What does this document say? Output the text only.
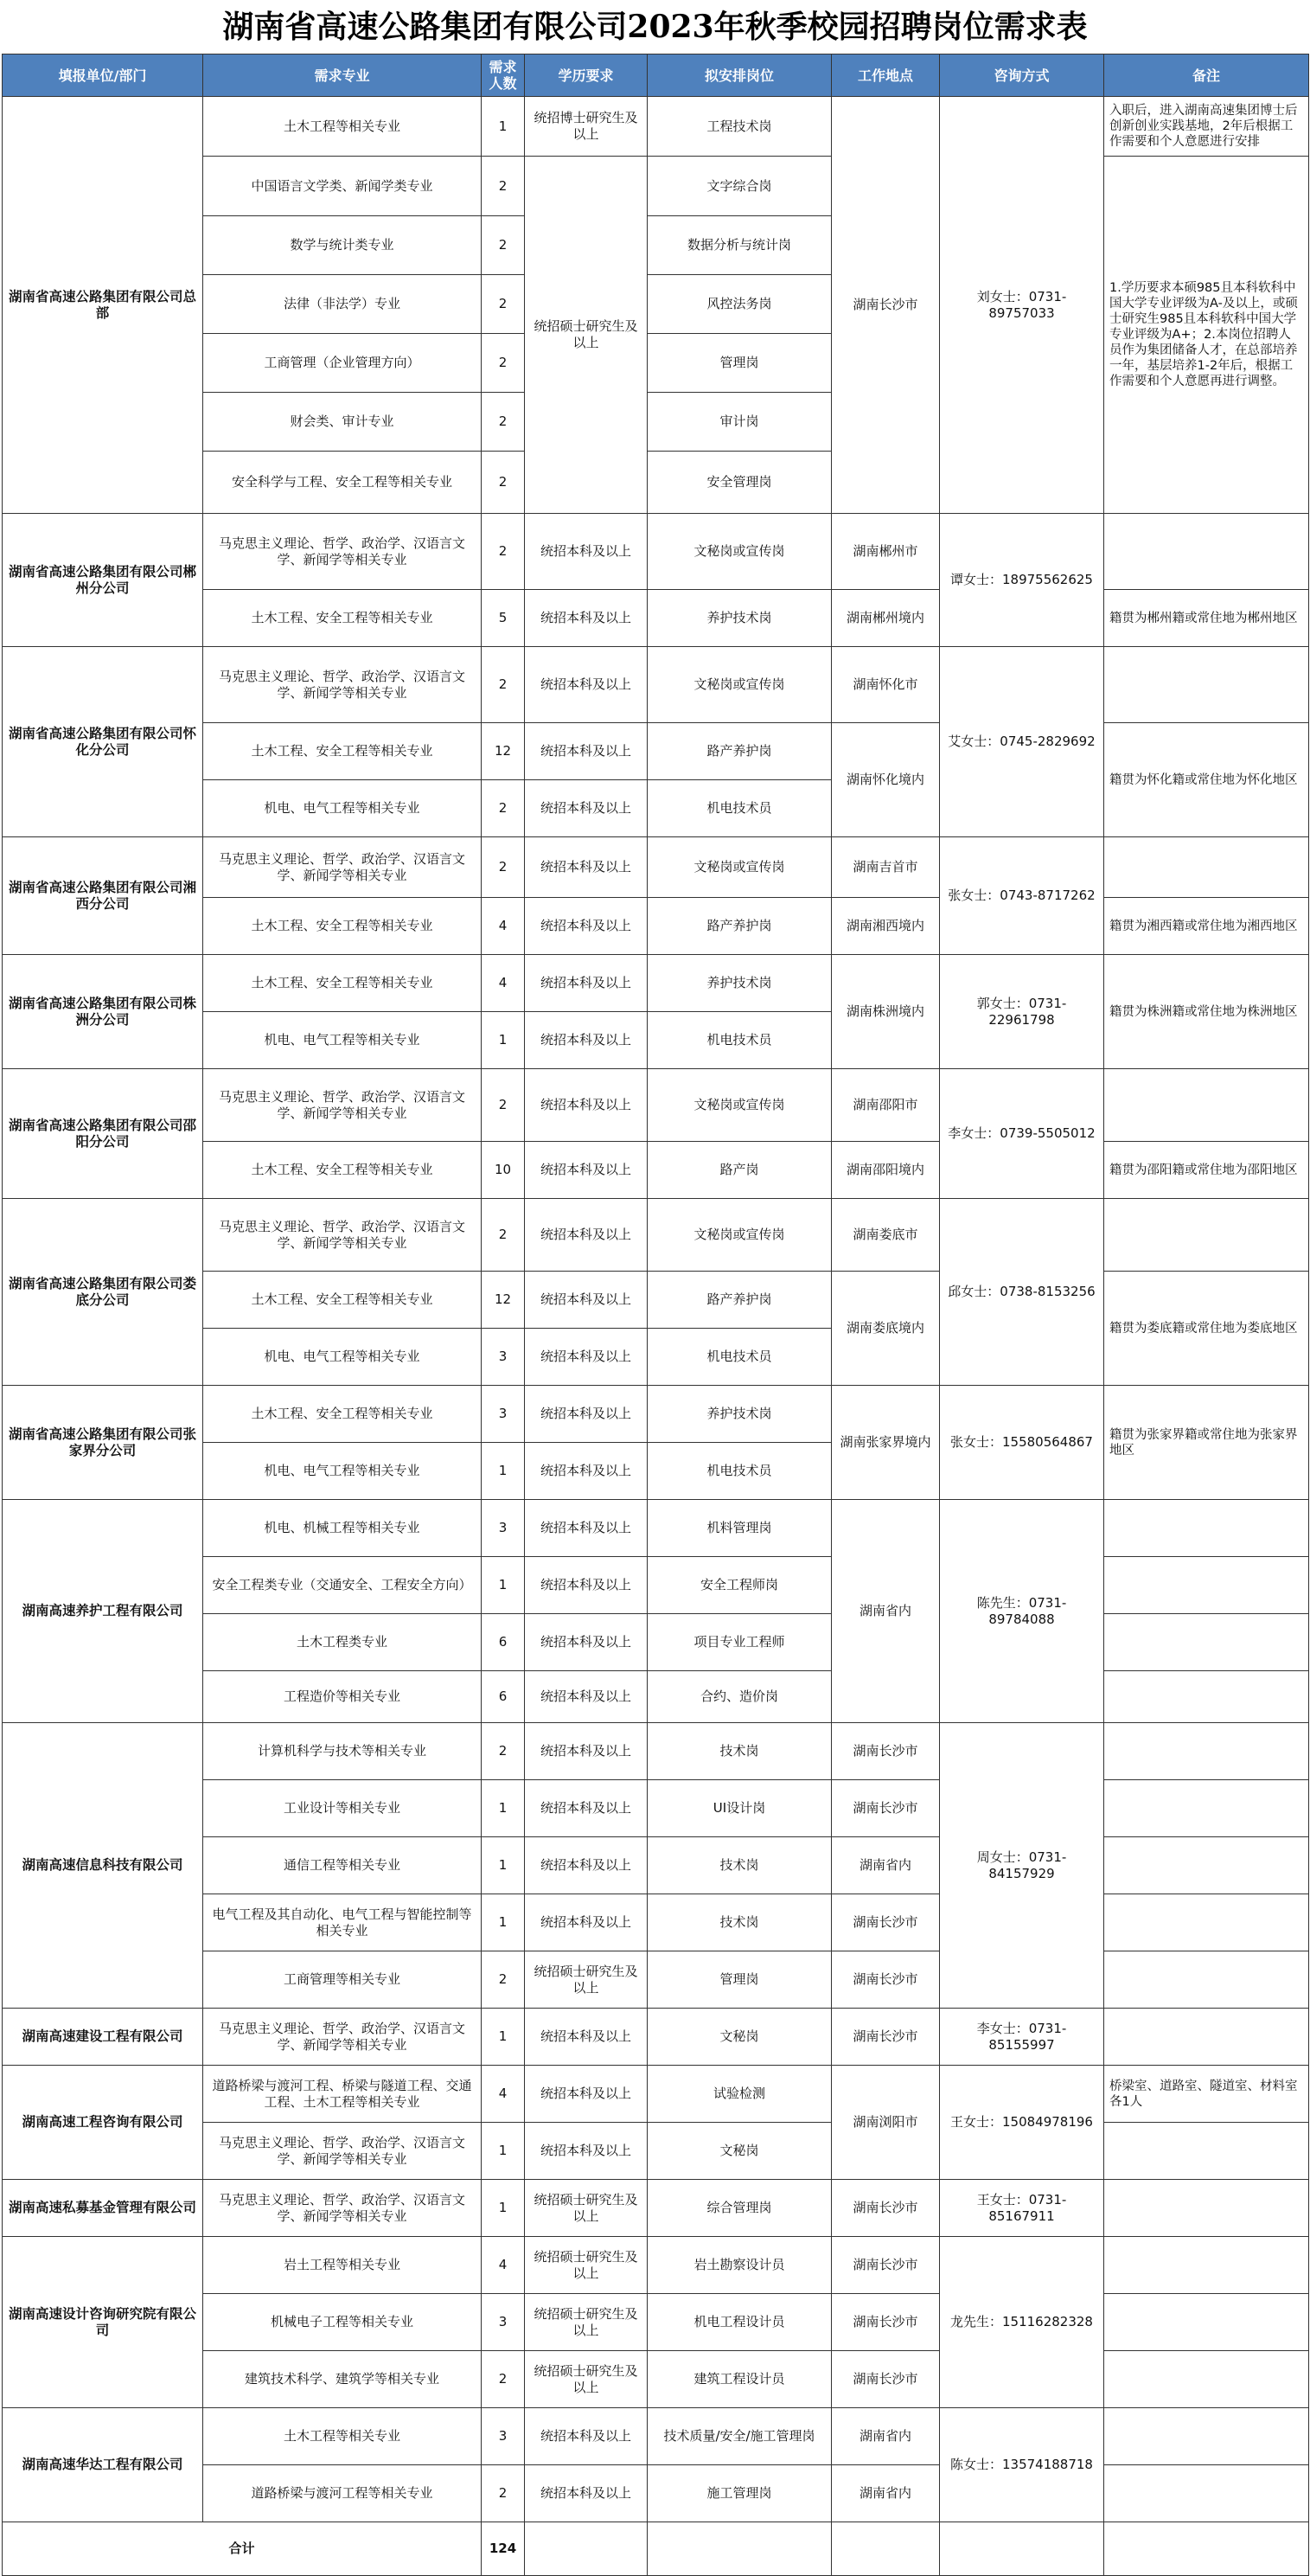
湖南省高速公路集团有限公司2023年秋季校园招聘岗位需求表
填报单位/部门	需求专业	需求人数	学历要求	拟安排岗位	工作地点	咨询方式	备注
湖南省高速公路集团有限公司总部	土木工程等相关专业	1	统招博士研究生及以上	工程技术岗	湖南长沙市	刘女士：0731-89757033	入职后，进入湖南高速集团博士后创新创业实践基地，2年后根据工作需要和个人意愿进行安排
	中国语言文学类、新闻学类专业	2	统招硕士研究生及以上	文字综合岗			1.学历要求本硕985且本科软科中国大学专业评级为A-及以上，或硕士研究生985且本科软科中国大学专业评级为A+；2.本岗位招聘人员作为集团储备人才，在总部培养一年，基层培养1-2年后，根据工作需要和个人意愿再进行调整。
	数学与统计类专业	2		数据分析与统计岗			
	法律（非法学）专业	2		风控法务岗			
	工商管理（企业管理方向）	2		管理岗			
	财会类、审计专业	2		审计岗			
	安全科学与工程、安全工程等相关专业	2		安全管理岗			
湖南省高速公路集团有限公司郴州分公司	马克思主义理论、哲学、政治学、汉语言文学、新闻学等相关专业	2	统招本科及以上	文秘岗或宣传岗	湖南郴州市	谭女士：18975562625	
	土木工程、安全工程等相关专业	5	统招本科及以上	养护技术岗	湖南郴州境内		籍贯为郴州籍或常住地为郴州地区
湖南省高速公路集团有限公司怀化分公司	马克思主义理论、哲学、政治学、汉语言文学、新闻学等相关专业	2	统招本科及以上	文秘岗或宣传岗	湖南怀化市	艾女士：0745-2829692	
	土木工程、安全工程等相关专业	12	统招本科及以上	路产养护岗	湖南怀化境内		籍贯为怀化籍或常住地为怀化地区
	机电、电气工程等相关专业	2	统招本科及以上	机电技术员			
湖南省高速公路集团有限公司湘西分公司	马克思主义理论、哲学、政治学、汉语言文学、新闻学等相关专业	2	统招本科及以上	文秘岗或宣传岗	湖南吉首市	张女士：0743-8717262	
	土木工程、安全工程等相关专业	4	统招本科及以上	路产养护岗	湖南湘西境内		籍贯为湘西籍或常住地为湘西地区
湖南省高速公路集团有限公司株洲分公司	土木工程、安全工程等相关专业	4	统招本科及以上	养护技术岗	湖南株洲境内	郭女士：0731-22961798	籍贯为株洲籍或常住地为株洲地区
	机电、电气工程等相关专业	1	统招本科及以上	机电技术员			
湖南省高速公路集团有限公司邵阳分公司	马克思主义理论、哲学、政治学、汉语言文学、新闻学等相关专业	2	统招本科及以上	文秘岗或宣传岗	湖南邵阳市	李女士：0739-5505012	
	土木工程、安全工程等相关专业	10	统招本科及以上	路产岗	湖南邵阳境内		籍贯为邵阳籍或常住地为邵阳地区
湖南省高速公路集团有限公司娄底分公司	马克思主义理论、哲学、政治学、汉语言文学、新闻学等相关专业	2	统招本科及以上	文秘岗或宣传岗	湖南娄底市	邱女士：0738-8153256	
	土木工程、安全工程等相关专业	12	统招本科及以上	路产养护岗	湖南娄底境内		籍贯为娄底籍或常住地为娄底地区
	机电、电气工程等相关专业	3	统招本科及以上	机电技术员			
湖南省高速公路集团有限公司张家界分公司	土木工程、安全工程等相关专业	3	统招本科及以上	养护技术岗	湖南张家界境内	张女士：15580564867	籍贯为张家界籍或常住地为张家界地区
	机电、电气工程等相关专业	1	统招本科及以上	机电技术员			
湖南高速养护工程有限公司	机电、机械工程等相关专业	3	统招本科及以上	机料管理岗	湖南省内	陈先生：0731-89784088	
	安全工程类专业（交通安全、工程安全方向）	1	统招本科及以上	安全工程师岗			
	土木工程类专业	6	统招本科及以上	项目专业工程师			
	工程造价等相关专业	6	统招本科及以上	合约、造价岗			
湖南高速信息科技有限公司	计算机科学与技术等相关专业	2	统招本科及以上	技术岗	湖南长沙市	周女士：0731-84157929	
	工业设计等相关专业	1	统招本科及以上	UI设计岗	湖南长沙市		
	通信工程等相关专业	1	统招本科及以上	技术岗	湖南省内		
	电气工程及其自动化、电气工程与智能控制等相关专业	1	统招本科及以上	技术岗	湖南长沙市		
	工商管理等相关专业	2	统招硕士研究生及以上	管理岗	湖南长沙市		
湖南高速建设工程有限公司	马克思主义理论、哲学、政治学、汉语言文学、新闻学等相关专业	1	统招本科及以上	文秘岗	湖南长沙市	李女士：0731-85155997	
湖南高速工程咨询有限公司	道路桥梁与渡河工程、桥梁与隧道工程、交通工程、土木工程等相关专业	4	统招本科及以上	试验检测	湖南浏阳市	王女士：15084978196	桥梁室、道路室、隧道室、材料室各1人
	马克思主义理论、哲学、政治学、汉语言文学、新闻学等相关专业	1	统招本科及以上	文秘岗			
湖南高速私募基金管理有限公司	马克思主义理论、哲学、政治学、汉语言文学、新闻学等相关专业	1	统招硕士研究生及以上	综合管理岗	湖南长沙市	王女士：0731-85167911	
湖南高速设计咨询研究院有限公司	岩土工程等相关专业	4	统招硕士研究生及以上	岩土勘察设计员	湖南长沙市	龙先生：15116282328	
	机械电子工程等相关专业	3	统招硕士研究生及以上	机电工程设计员	湖南长沙市		
	建筑技术科学、建筑学等相关专业	2	统招硕士研究生及以上	建筑工程设计员	湖南长沙市		
湖南高速华达工程有限公司	土木工程等相关专业	3	统招本科及以上	技术质量/安全/施工管理岗	湖南省内	陈女士：13574188718	
	道路桥梁与渡河工程等相关专业	2	统招本科及以上	施工管理岗	湖南省内		
合计		124					
